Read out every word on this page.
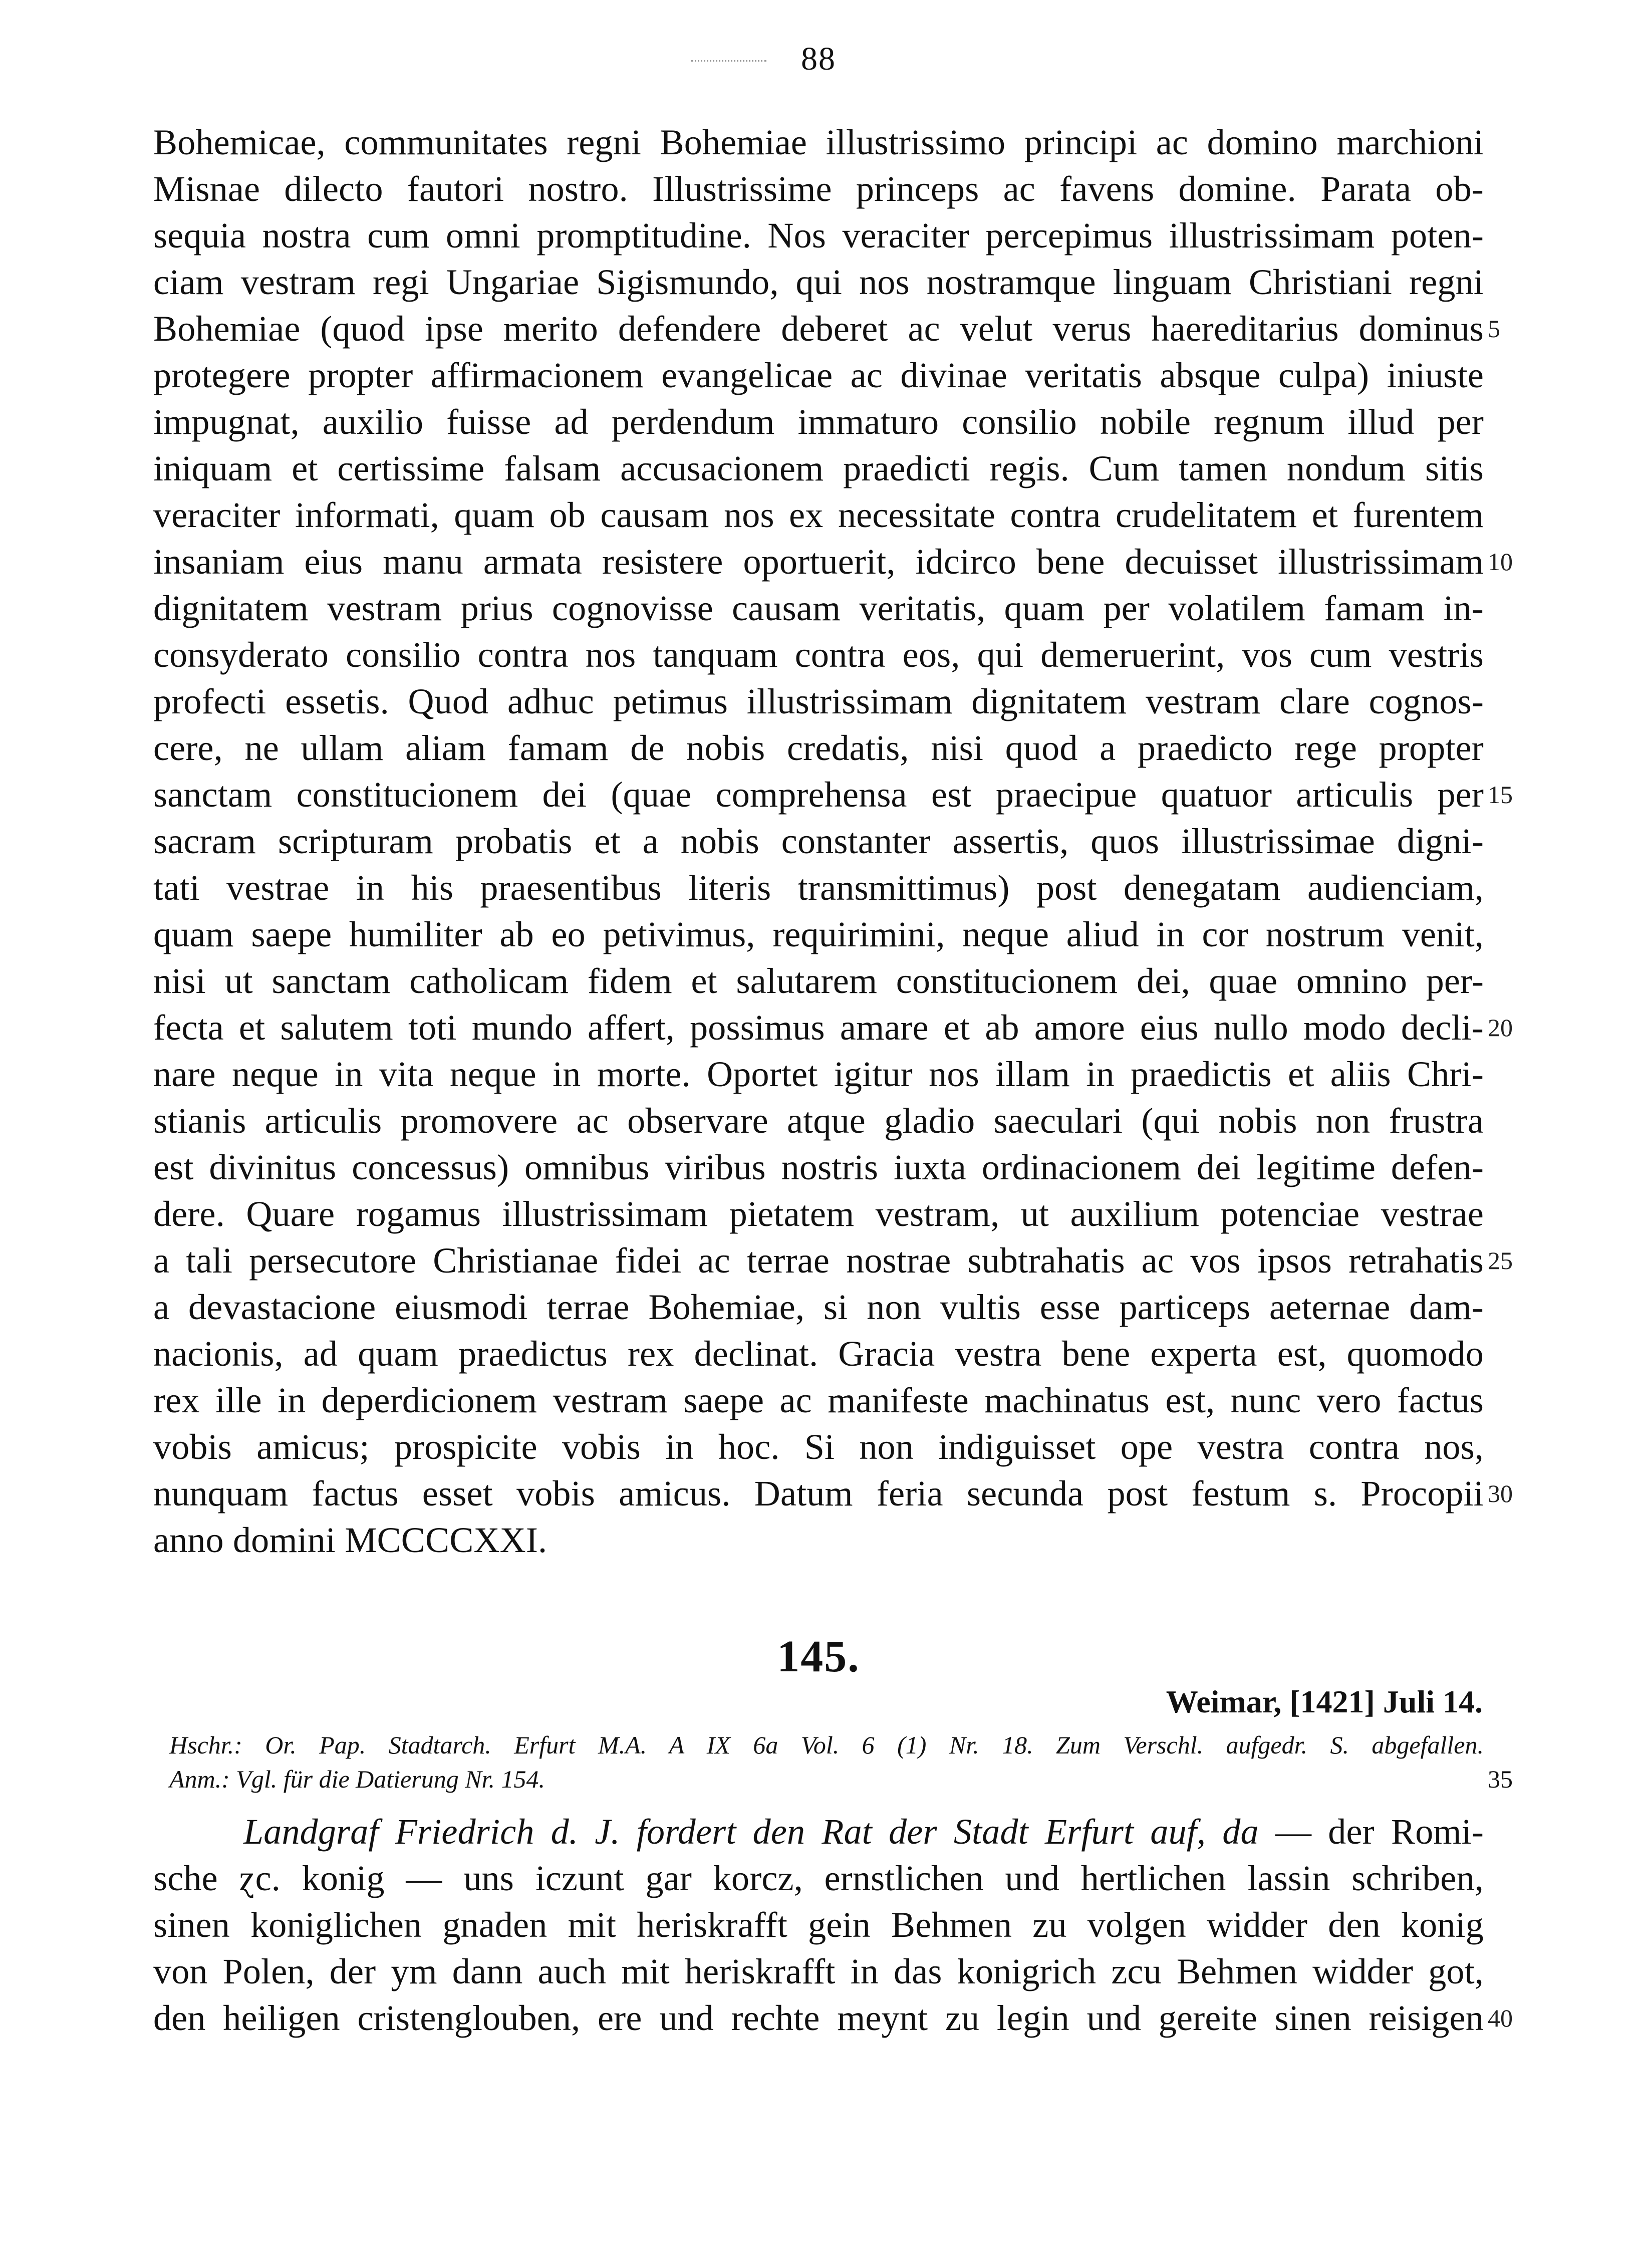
88
Bohemicae, communitates regni Bohemiae illustrissimo principi ac domino marchioni
Misnae dilecto fautori nostro. Illustrissime princeps ac favens domine. Parata ob-
sequia nostra cum omni promptitudine. Nos veraciter percepimus illustrissimam poten-
ciam vestram regi Ungariae Sigismundo, qui nos nostramque linguam Christiani regni
Bohemiae (quod ipse merito defendere deberet ac velut verus haereditarius dominus
protegere propter affirmacionem evangelicae ac divinae veritatis absque culpa) iniuste
impugnat, auxilio fuisse ad perdendum immaturo consilio nobile regnum illud per
iniquam et certissime falsam accusacionem praedicti regis. Cum tamen nondum sitis
veraciter informati, quam ob causam nos ex necessitate contra crudelitatem et furentem
insaniam eius manu armata resistere oportuerit, idcirco bene decuisset illustrissimam
dignitatem vestram prius cognovisse causam veritatis, quam per volatilem famam in-
consyderato consilio contra nos tanquam contra eos, qui demeruerint, vos cum vestris
profecti essetis. Quod adhuc petimus illustrissimam dignitatem vestram clare cognos-
cere, ne ullam aliam famam de nobis credatis, nisi quod a praedicto rege propter
sanctam constitucionem dei (quae comprehensa est praecipue quatuor articulis per
sacram scripturam probatis et a nobis constanter assertis, quos illustrissimae digni-
tati vestrae in his praesentibus literis transmittimus) post denegatam audienciam,
quam saepe humiliter ab eo petivimus, requirimini, neque aliud in cor nostrum venit,
nisi ut sanctam catholicam fidem et salutarem constitucionem dei, quae omnino per-
fecta et salutem toti mundo affert, possimus amare et ab amore eius nullo modo decli-
nare neque in vita neque in morte. Oportet igitur nos illam in praedictis et aliis Chri-
stianis articulis promovere ac observare atque gladio saeculari (qui nobis non frustra
est divinitus concessus) omnibus viribus nostris iuxta ordinacionem dei legitime defen-
dere. Quare rogamus illustrissimam pietatem vestram, ut auxilium potenciae vestrae
a tali persecutore Christianae fidei ac terrae nostrae subtrahatis ac vos ipsos retrahatis
a devastacione eiusmodi terrae Bohemiae, si non vultis esse particeps aeternae dam-
nacionis, ad quam praedictus rex declinat. Gracia vestra bene experta est, quomodo
rex ille in deperdicionem vestram saepe ac manifeste machinatus est, nunc vero factus
vobis amicus; prospicite vobis in hoc. Si non indiguisset ope vestra contra nos,
nunquam factus esset vobis amicus. Datum feria secunda post festum s. Procopii
anno domini MCCCCXXI.
5
10
15
20
25
30
145.
Weimar, [1421] Juli 14.
Hschr.: Or. Pap. Stadtarch. Erfurt M.A. A IX 6a Vol. 6 (1) Nr. 18. Zum Verschl. aufgedr. S. abgefallen.
Anm.: Vgl. für die Datierung Nr. 154.	35
Landgraf Friedrich d. J. fordert den Rat der Stadt Erfurt auf, da — der Romi-
sche ɀc. konig — uns iczunt gar korcz, ernstlichen und hertlichen lassin schriben,
sinen koniglichen gnaden mit heriskrafft gein Behmen zu volgen widder den konig
von Polen, der ym dann auch mit heriskrafft in das konigrich zcu Behmen widder got,
den heiligen cristenglouben, ere und rechte meynt zu legin und gereite sinen reisigen 40
